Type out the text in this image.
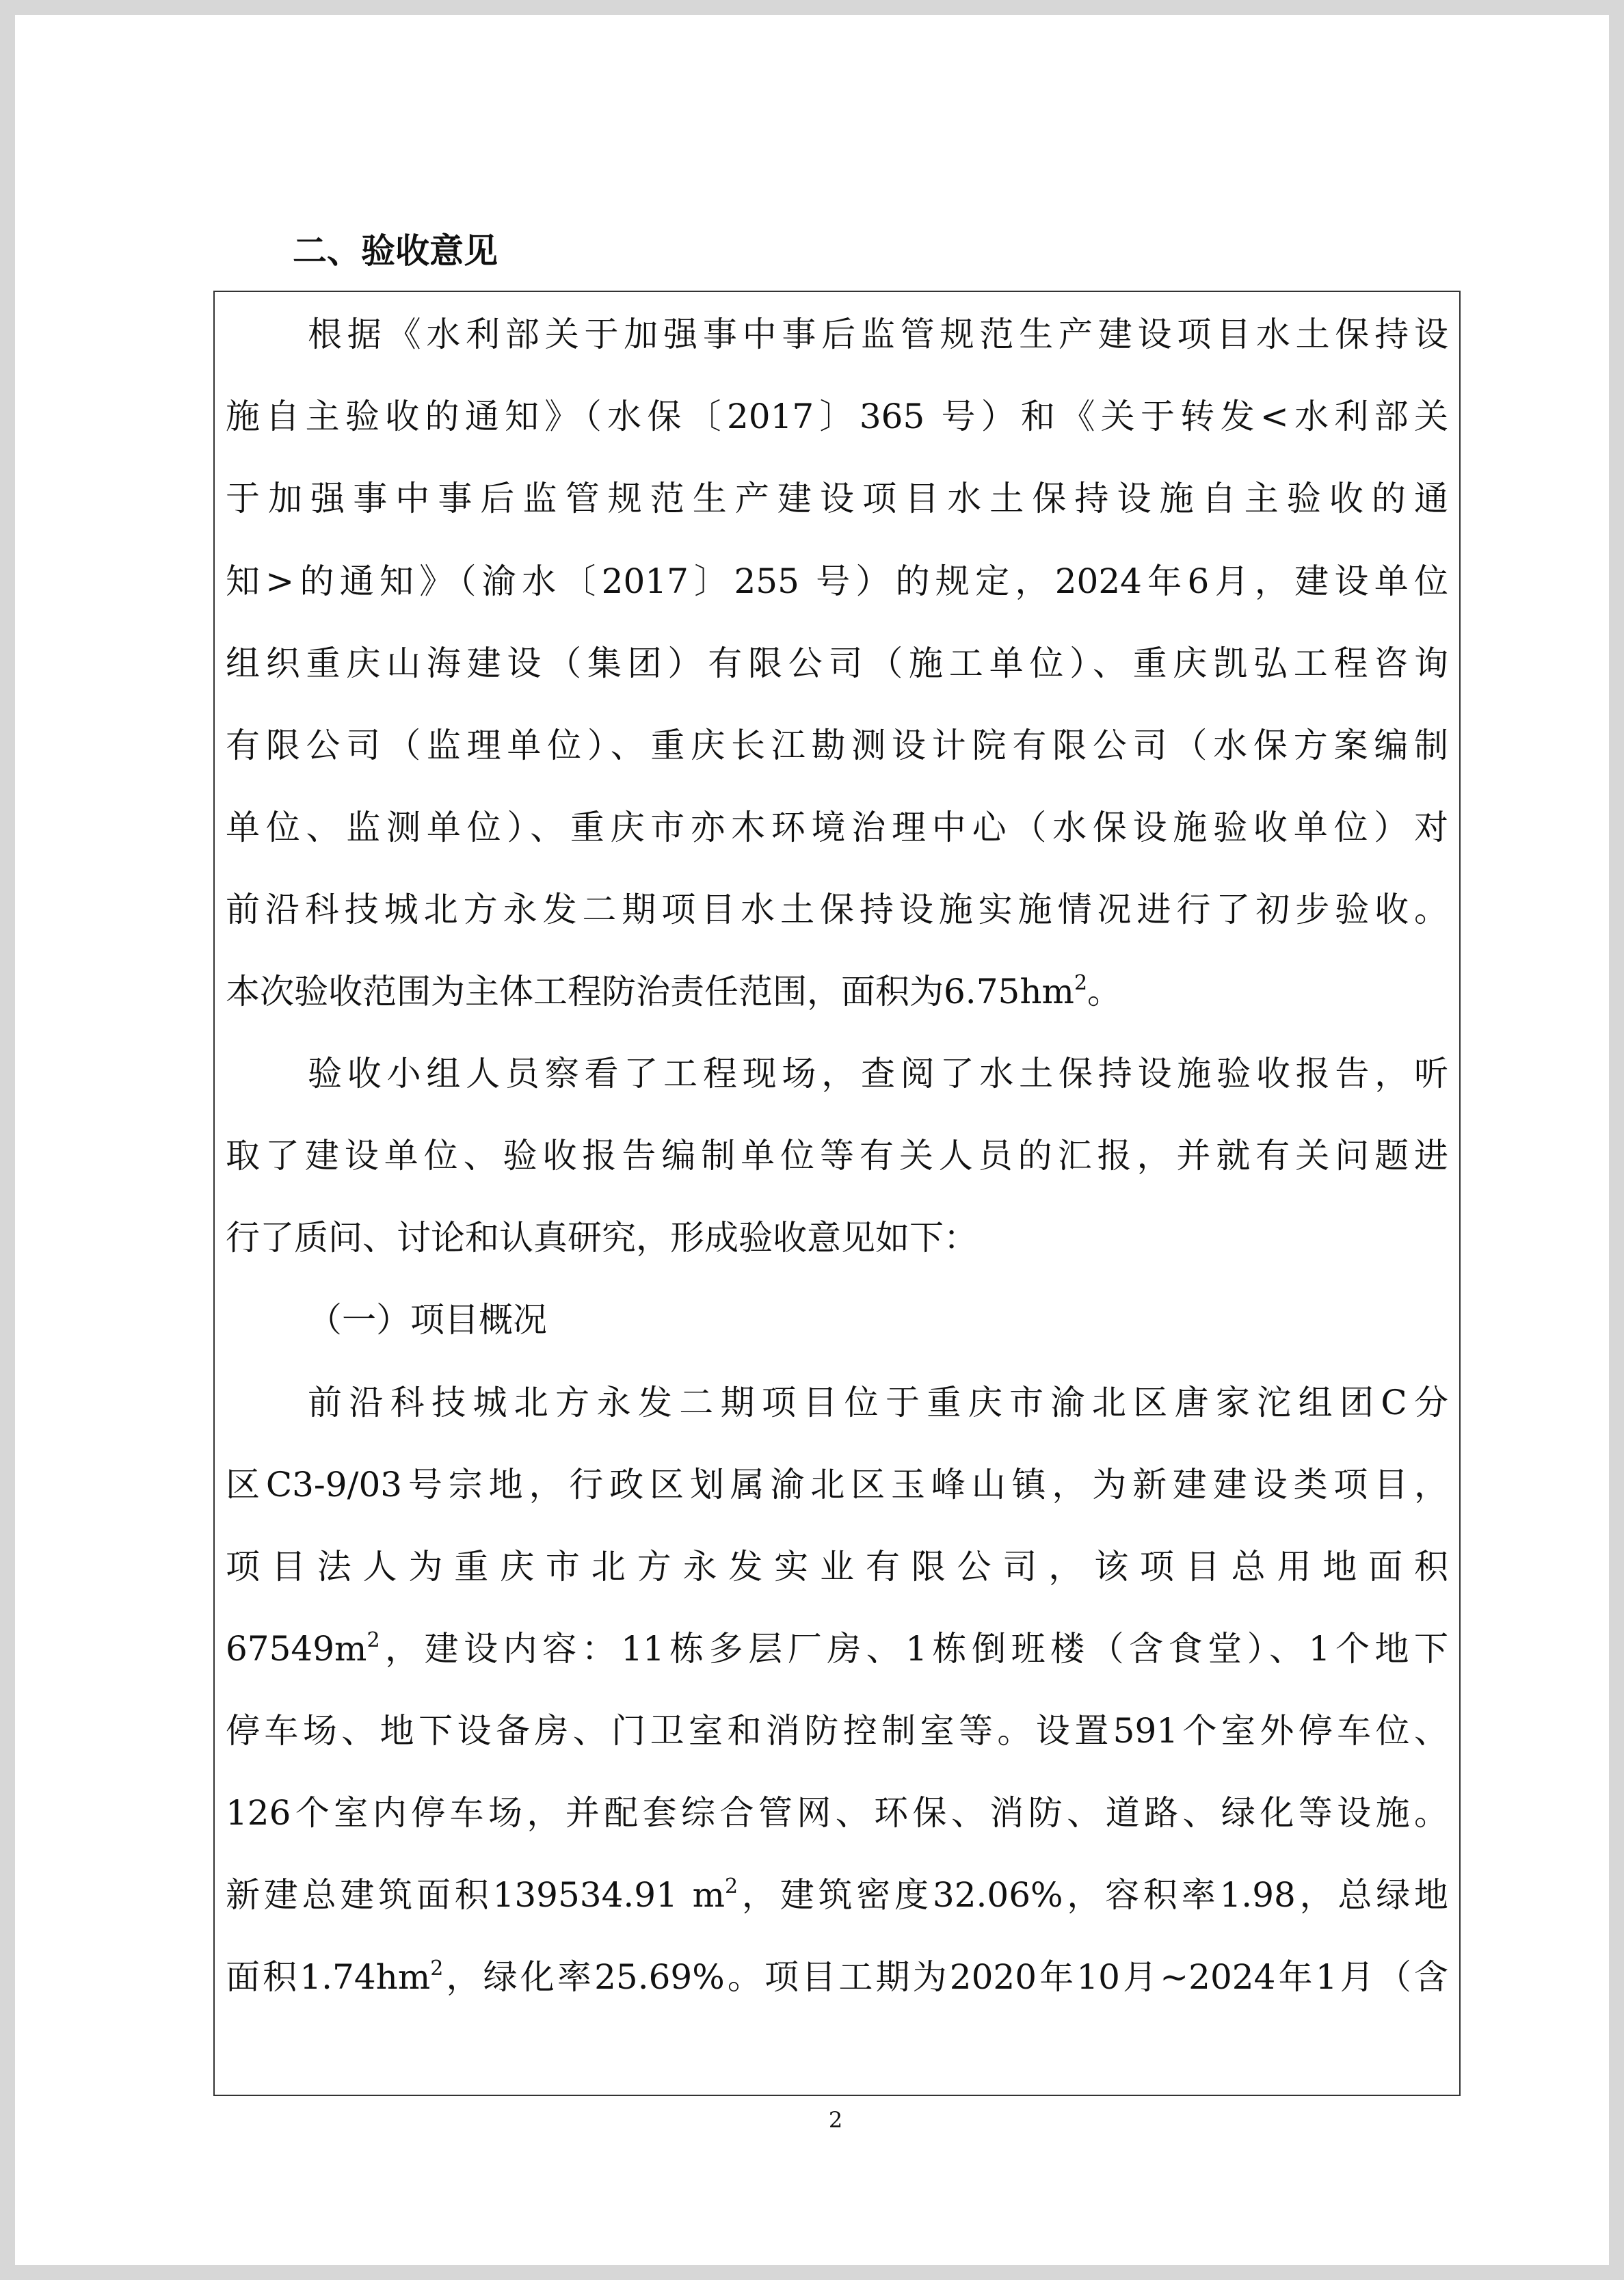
二、验收意见
根据《水利部关于加强事中事后监管规范生产建设项目水土保持设
施自主验收的通知》（水保〔2017〕365 号）和《关于转发<水利部关
于加强事中事后监管规范生产建设项目水土保持设施自主验收的通
知>的通知》（渝水〔2017〕255 号）的规定，2024年6月，建设单位
组织重庆山海建设（集团）有限公司（施工单位）、重庆凯弘工程咨询
有限公司（监理单位）、重庆长江勘测设计院有限公司（水保方案编制
单位、监测单位）、重庆市亦木环境治理中心（水保设施验收单位）对
前沿科技城北方永发二期项目水土保持设施实施情况进行了初步验收。
本次验收范围为主体工程防治责任范围，面积为$6.75hm^2$。
验收小组人员察看了工程现场，查阅了水土保持设施验收报告，听
取了建设单位、验收报告编制单位等有关人员的汇报，并就有关问题进
行了质问、讨论和认真研究，形成验收意见如下：
（一）项目概况
前沿科技城北方永发二期项目位于重庆市渝北区唐家沱组团C分
区C3-9/03号宗地，行政区划属渝北区玉峰山镇，为新建建设类项目，
项目法人为重庆市北方永发实业有限公司，该项目总用地面积
$67549m^2$，建设内容：11栋多层厂房、1栋倒班楼（含食堂）、1个地下
停车场、地下设备房、门卫室和消防控制室等。设置591个室外停车位、
126个室内停车场，并配套综合管网、环保、消防、道路、绿化等设施。
新建总建筑面积139534.91 $m^2$，建筑密度32.06%，容积率1.98，总绿地
面积$1.74hm^2$，绿化率25.69%。项目工期为2020年10月~2024年1月（含
2
